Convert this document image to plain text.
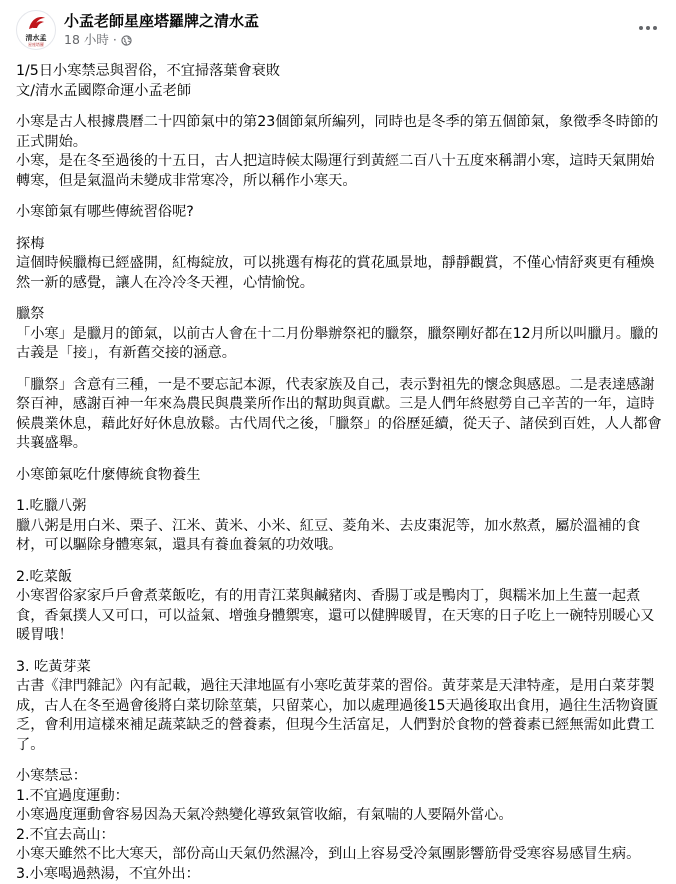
清水孟
星座塔羅
小孟老師星座塔羅牌之清水孟
18 小時 ·

1/5日小寒禁忌與習俗，不宜掃落葉會衰敗

文/清水孟國際命運小孟老師

小寒是古人根據農曆二十四節氣中的第23個節氣所編列，同時也是冬季的第五個節氣，象徵季冬時節的正式開始。

小寒，是在冬至過後的十五日，古人把這時候太陽運行到黃經二百八十五度來稱謂小寒，這時天氣開始轉寒，但是氣溫尚未變成非常寒冷，所以稱作小寒天。

小寒節氣有哪些傳統習俗呢?

探梅

這個時候臘梅已經盛開，紅梅綻放，可以挑選有梅花的賞花風景地，靜靜觀賞，不僅心情舒爽更有種煥然一新的感覺，讓人在冷冷冬天裡，心情愉悅。

臘祭

「小寒」是臘月的節氣，以前古人會在十二月份舉辦祭祀的臘祭，臘祭剛好都在12月所以叫臘月。臘的古義是「接」，有新舊交接的涵意。

「臘祭」含意有三種，一是不要忘記本源，代表家族及自己，表示對祖先的懷念與感恩。二是表達感謝祭百神，感謝百神一年來為農民與農業所作出的幫助與貢獻。三是人們年終慰勞自己辛苦的一年，這時候農業休息，藉此好好休息放鬆。古代周代之後，「臘祭」的俗歷延續，從天子、諸侯到百姓，人人都會共襄盛舉。

小寒節氣吃什麼傳統食物養生

1.吃臘八粥

臘八粥是用白米、栗子、江米、黃米、小米、紅豆、菱角米、去皮棗泥等，加水熬煮，屬於溫補的食材，可以驅除身體寒氣，還具有養血養氣的功效哦。

2.吃菜飯

小寒習俗家家戶戶會煮菜飯吃，有的用青江菜與鹹豬肉、香腸丁或是鴨肉丁，與糯米加上生薑一起煮食，香氣撲人又可口，可以益氣、增強身體禦寒，還可以健脾暖胃，在天寒的日子吃上一碗特別暖心又暖胃哦！

3. 吃黃芽菜

古書《津門雜記》內有記載，過往天津地區有小寒吃黃芽菜的習俗。黃芽菜是天津特產，是用白菜芽製成，古人在冬至過會後將白菜切除莖葉，只留菜心，加以處理過後15天過後取出食用，過往生活物資匱乏，會利用這樣來補足蔬菜缺乏的營養素，但現今生活富足，人們對於食物的營養素已經無需如此費工了。

小寒禁忌：

1.不宜過度運動：

小寒過度運動會容易因為天氣冷熱變化導致氣管收縮，有氣喘的人要隔外當心。

2.不宜去高山：

小寒天雖然不比大寒天，部份高山天氣仍然濕冷，到山上容易受冷氣團影響筋骨受寒容易感冒生病。

3.小寒喝過熱湯，不宜外出：
